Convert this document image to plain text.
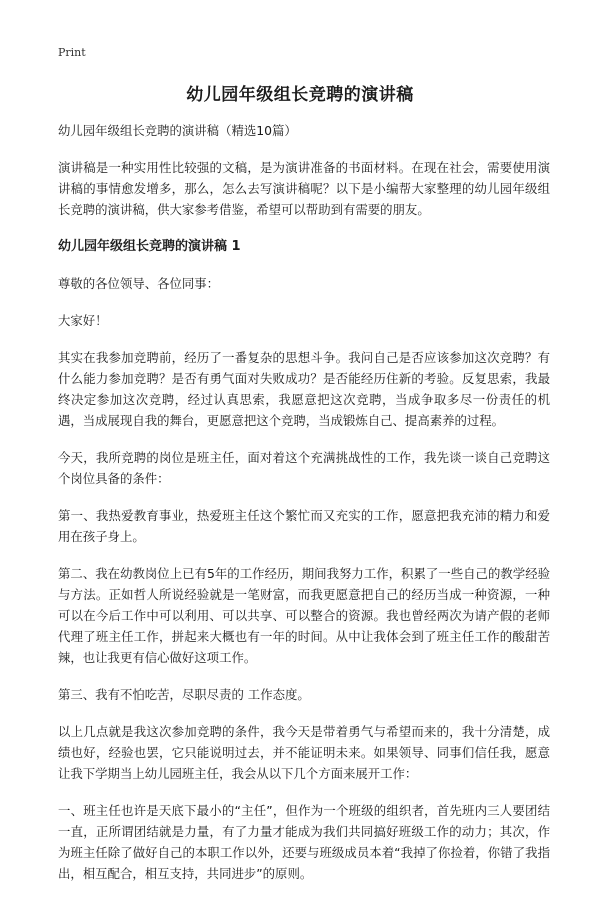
Print
幼儿园年级组长竞聘的演讲稿

幼儿园年级组长竞聘的演讲稿（精选10篇）

演讲稿是一种实用性比较强的文稿，是为演讲准备的书面材料。在现在社会，需要使用演讲稿的事情愈发增多，那么，怎么去写演讲稿呢？以下是小编帮大家整理的幼儿园年级组长竞聘的演讲稿，供大家参考借鉴，希望可以帮助到有需要的朋友。

幼儿园年级组长竞聘的演讲稿 1

尊敬的各位领导、各位同事：

大家好！

其实在我参加竞聘前，经历了一番复杂的思想斗争。我问自己是否应该参加这次竞聘？有什么能力参加竞聘？是否有勇气面对失败成功？是否能经历住新的考验。反复思索，我最终决定参加这次竞聘，经过认真思索，我愿意把这次竞聘，当成争取多尽一份责任的机遇，当成展现自我的舞台，更愿意把这个竞聘，当成锻炼自己、提高素养的过程。

今天，我所竞聘的岗位是班主任，面对着这个充满挑战性的工作，我先谈一谈自己竞聘这个岗位具备的条件：

第一、我热爱教育事业，热爱班主任这个繁忙而又充实的工作，愿意把我充沛的精力和爱用在孩子身上。

第二、我在幼教岗位上已有5年的工作经历，期间我努力工作，积累了一些自己的教学经验与方法。正如哲人所说经验就是一笔财富，而我更愿意把自己的经历当成一种资源，一种可以在今后工作中可以利用、可以共享、可以整合的资源。我也曾经两次为请产假的老师代理了班主任工作，拼起来大概也有一年的时间。从中让我体会到了班主任工作的酸甜苦辣，也让我更有信心做好这项工作。

第三、我有不怕吃苦，尽职尽责的 工作态度。

以上几点就是我这次参加竞聘的条件，我今天是带着勇气与希望而来的，我十分清楚，成绩也好，经验也罢，它只能说明过去，并不能证明未来。如果领导、同事们信任我，愿意让我下学期当上幼儿园班主任，我会从以下几个方面来展开工作：

一、班主任也许是天底下最小的“主任”，但作为一个班级的组织者，首先班内三人要团结一直，正所谓团结就是力量，有了力量才能成为我们共同搞好班级工作的动力；其次，作为班主任除了做好自己的本职工作以外，还要与班级成员本着“我掉了你捡着，你错了我指出，相互配合，相互支持，共同进步”的原则。
